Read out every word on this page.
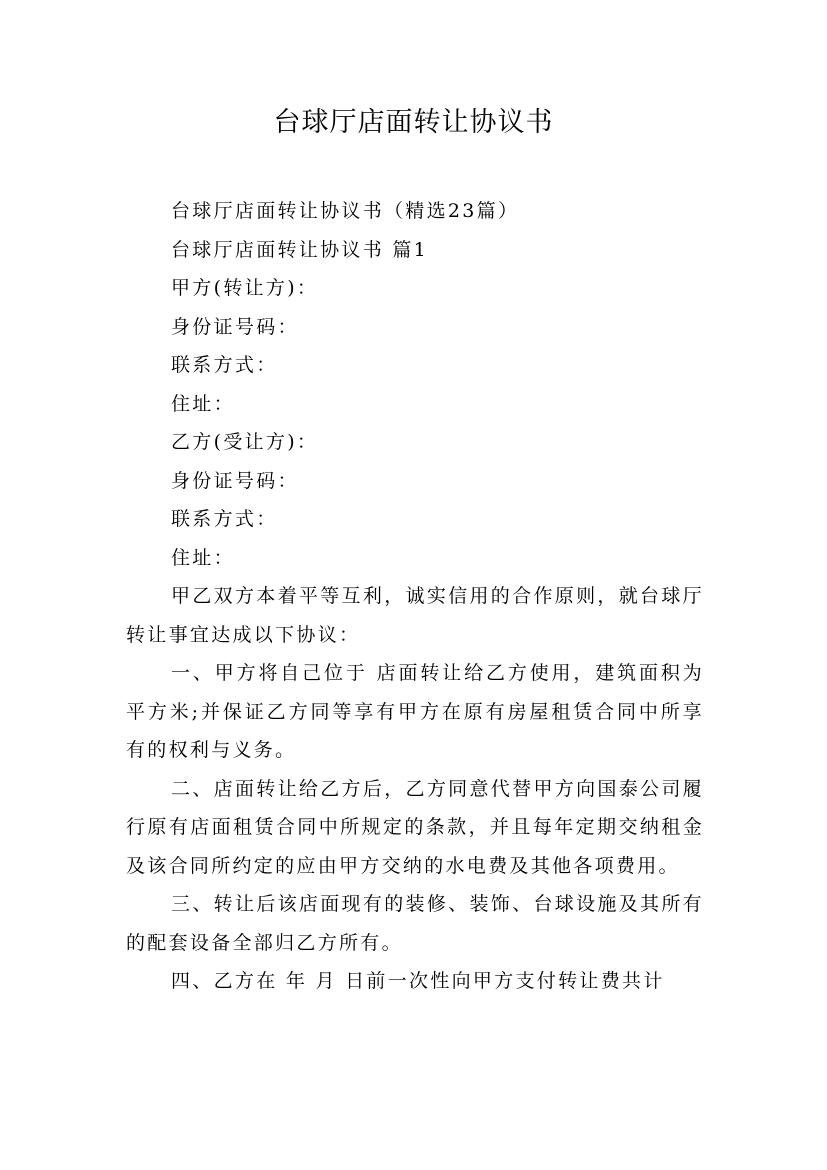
台球厅店面转让协议书

台球厅店面转让协议书（精选23篇）

台球厅店面转让协议书 篇1

甲方(转让方)：

身份证号码：

联系方式：

住址：

乙方(受让方)：

身份证号码：

联系方式：

住址：

甲乙双方本着平等互利，诚实信用的合作原则，就台球厅转让事宜达成以下协议：

一、甲方将自己位于 店面转让给乙方使用，建筑面积为 平方米;并保证乙方同等享有甲方在原有房屋租赁合同中所享有的权利与义务。

二、店面转让给乙方后，乙方同意代替甲方向国泰公司履行原有店面租赁合同中所规定的条款，并且每年定期交纳租金及该合同所约定的应由甲方交纳的水电费及其他各项费用。

三、转让后该店面现有的装修、装饰、台球设施及其所有的配套设备全部归乙方所有。

四、乙方在 年 月 日前一次性向甲方支付转让费共计
